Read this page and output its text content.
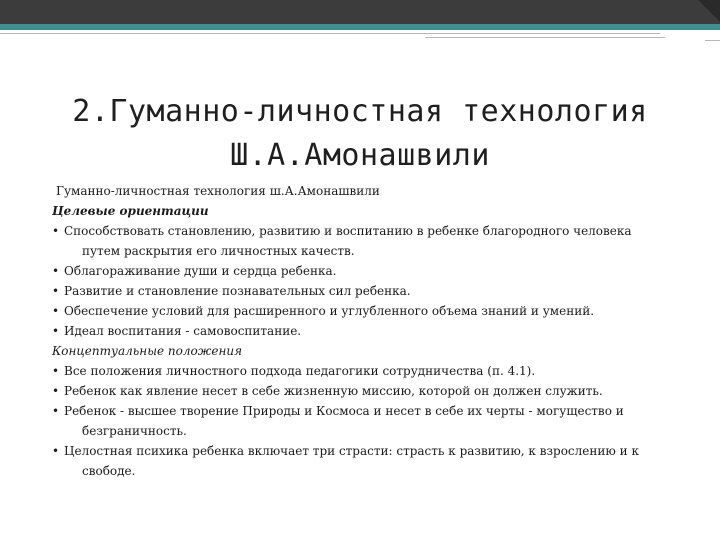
2.Гуманно-личностная технология
Ш.А.Амонашвили
Гуманно-личностная технология ш.А.Амонашвили
Целевые ориентации
• Способствовать становлению, развитию и воспитанию в ребенке благородного человека
путем раскрытия его личностных качеств.
• Облагораживание души и сердца ребенка.
• Развитие и становление познавательных сил ребенка.
• Обеспечение условий для расширенного и углубленного объема знаний и умений.
• Идеал воспитания - самовоспитание.
Концептуальные положения
• Все положения личностного подхода педагогики сотрудничества (п. 4.1).
• Ребенок как явление несет в себе жизненную миссию, которой он должен служить.
• Ребенок - высшее творение Природы и Космоса и несет в себе их черты - могущество и
безграничность.
• Целостная психика ребенка включает три страсти: страсть к развитию, к взрослению и к
свободе.
